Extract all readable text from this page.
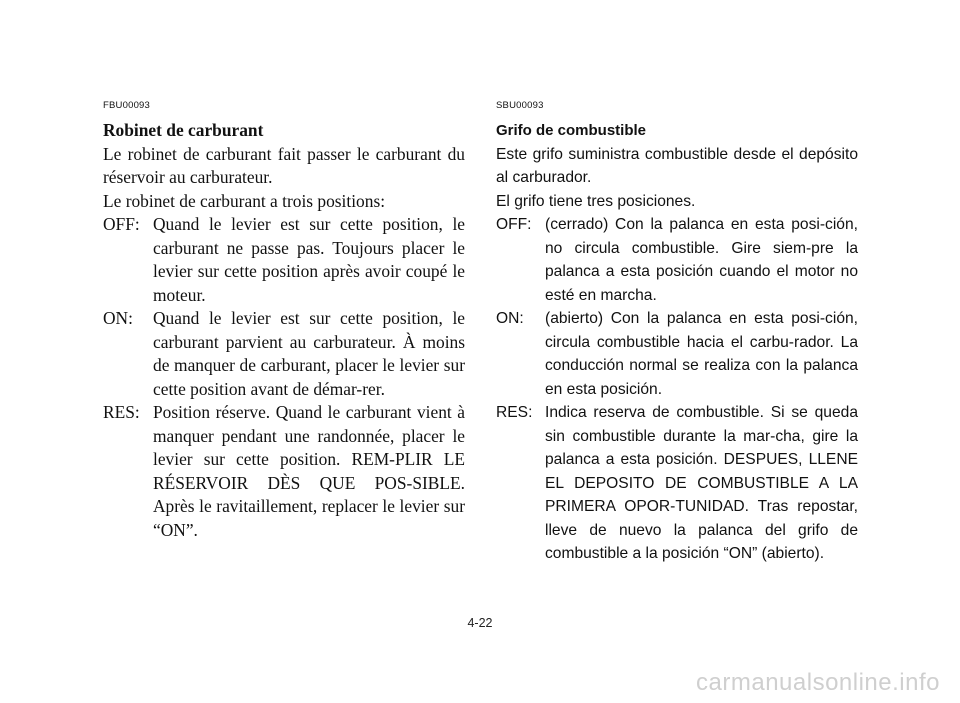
FBU00093

Robinet de carburant

Le robinet de carburant fait passer le carburant du réservoir au carburateur.

Le robinet de carburant a trois positions:

OFF: Quand le levier est sur cette position, le carburant ne passe pas. Toujours placer le levier sur cette position après avoir coupé le moteur.
ON:	Quand le levier est sur cette position, le carburant parvient au carburateur. À moins de manquer de carburant, placer le levier sur cette position avant de démar-rer.
RES: Position réserve. Quand le carburant vient à manquer pendant une randonnée, placer le levier sur cette position. REM-PLIR LE RÉSERVOIR DÈS QUE POS-SIBLE. Après le ravitaillement, replacer le levier sur “ON”.
SBU00093

Grifo de combustible

Este grifo suministra combustible desde el depósito al carburador.

El grifo tiene tres posiciones.

OFF: (cerrado) Con la palanca en esta posi-ción, no circula combustible. Gire siem-pre la palanca a esta posición cuando el motor no esté en marcha.
ON:	(abierto) Con la palanca en esta posi-ción, circula combustible hacia el carbu-rador. La conducción normal se realiza con la palanca en esta posición.
RES: Indica reserva de combustible. Si se queda sin combustible durante la mar-cha, gire la palanca a esta posición. DESPUES, LLENE EL DEPOSITO DE COMBUSTIBLE A LA PRIMERA OPOR-TUNIDAD. Tras repostar, lleve de nuevo la palanca del grifo de combustible a la posición “ON” (abierto).
4-22
carmanualsonline.info
